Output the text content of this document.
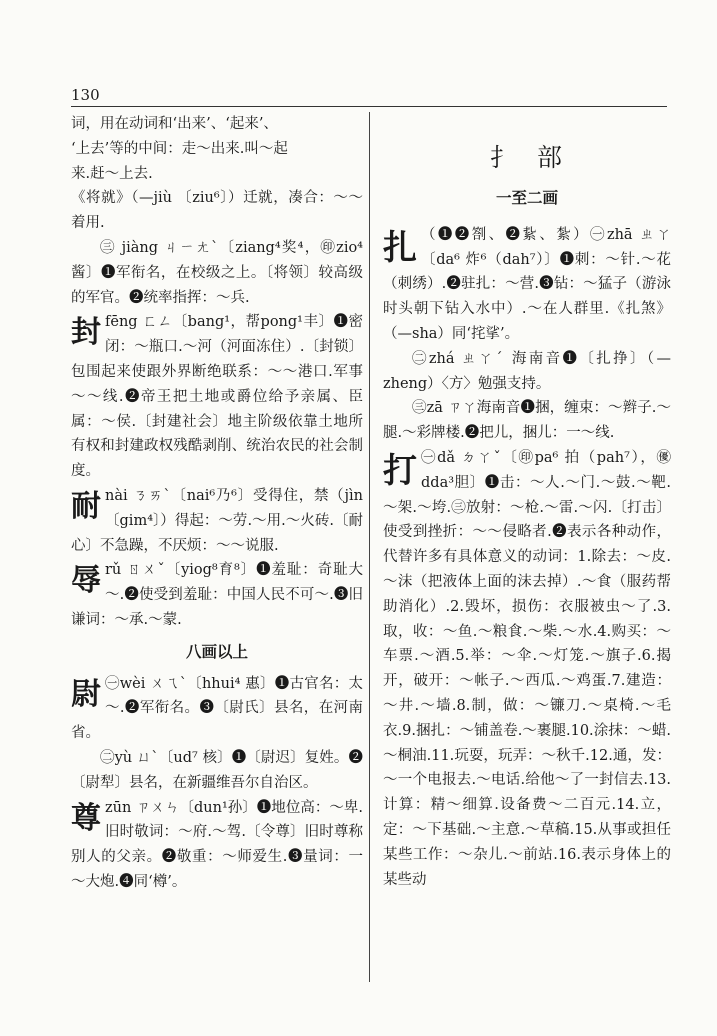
130

词，用在动词和‘出来’、‘起来’、

‘上去’等的中间：走～出来.叫～起

来.赶～上去.

《将就》（—jiù 〔ziu⁶〕）迁就，凑合：～～着用.

㊂ jiàng ㄐㄧㄤˋ〔ziang⁴奖⁴，㊞zio⁴酱〕❶军衔名，在校级之上。〔将领〕较高级的军官。❷统率指挥：～兵.

封 fēng ㄈㄥ〔bang¹，帮pong¹丰〕❶密闭：～瓶口.～河（河面冻住）.〔封锁〕包围起来使跟外界断绝联系：～～港口.军事～～线.❷帝王把土地或爵位给予亲属、臣属：～侯.〔封建社会〕地主阶级依靠土地所有权和封建政权残酷剥削、统治农民的社会制度。

耐 nài ㄋㄞˋ〔nai⁶乃⁶〕受得住，禁（jìn 〔gim⁴〕）得起：～劳.～用.～火砖.〔耐心〕不急躁，不厌烦：～～说服.

辱 rǔ ㄖㄨˇ〔yiog⁸育⁸〕❶羞耻：奇耻大～.❷使受到羞耻：中国人民不可～.❸旧谦词：～承.～蒙.

八画以上
尉 ㊀wèi ㄨㄟˋ〔hhui⁴ 惠〕❶古官名：太～.❷军衔名。❸〔尉氏〕县名，在河南省。

㊁yù ㄩˋ〔ud⁷ 核〕❶〔尉迟〕复姓。❷〔尉犁〕县名，在新疆维吾尔自治区。

尊 zūn ㄗㄨㄣ〔dun¹孙〕❶地位高：～卑.旧时敬词：～府.～驾.〔令尊〕旧时尊称别人的父亲。❷敬重：～师爱生.❸量词：一～大炮.❹同‘樽’。

扌部
一至二画
扎 （❶❷劄、❷紥、紮）㊀zhā ㄓㄚ〔da⁶ 炸⁶（dah⁷）〕❶刺：～针.～花（刺绣）.❷驻扎：～营.❸钻：～猛子（游泳时头朝下钻入水中）.～在人群里.《扎煞》（—sha）同‘挓挲’。

㊁zhá ㄓㄚˊ 海南音❶〔扎挣〕（—zheng）〈方〉勉强支持。

㊂zā ㄗㄚ海南音❶捆，缠束：～辫子.～腿.～彩牌楼.❷把儿，捆儿：一～线.

打 ㊀dǎ ㄉㄚˇ〔㊞pa⁶ 拍（pah⁷），㊝dda³胆〕❶击：～人.～门.～鼓.～靶.～架.～垮.㊂放射：～枪.～雷.～闪.〔打击〕使受到挫折：～～侵略者.❷表示各种动作，代替许多有具体意义的动词：1.除去：～皮.～沫（把液体上面的沫去掉）.～食（服药帮助消化）.2.毁坏，损伤：衣服被虫～了.3.取，收：～鱼.～粮食.～柴.～水.4.购买：～车票.～酒.5.举：～伞.～灯笼.～旗子.6.揭开，破开：～帐子.～西瓜.～鸡蛋.7.建造：～井.～墙.8.制，做：～镰刀.～桌椅.～毛衣.9.捆扎：～铺盖卷.～裹腿.10.涂抹：～蜡.～桐油.11.玩耍，玩弄：～秋千.12.通，发：～一个电报去.～电话.给他～了一封信去.13.计算：精～细算.设备费～二百元.14.立，定：～下基础.～主意.～草稿.15.从事或担任某些工作：～杂儿.～前站.16.表示身体上的某些动
